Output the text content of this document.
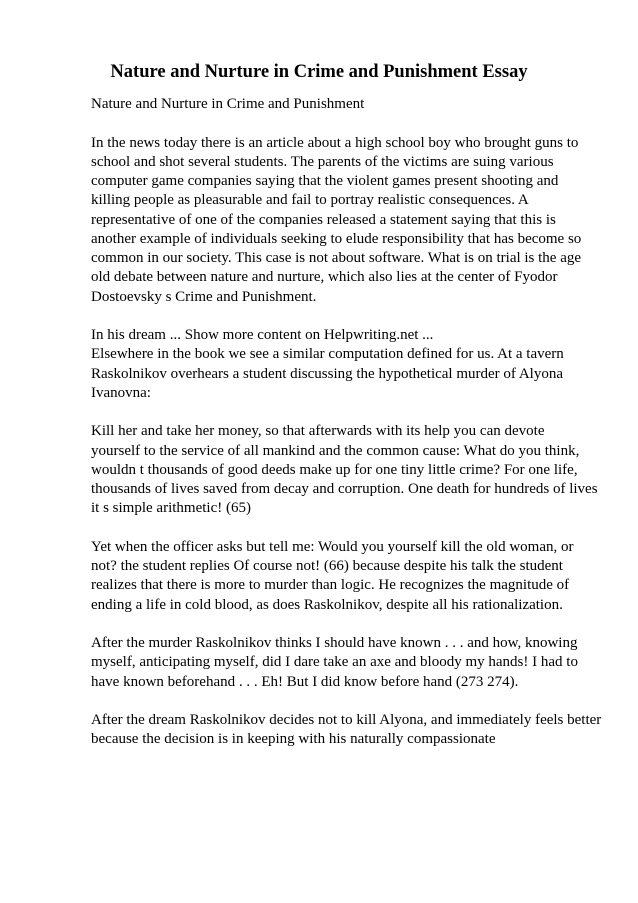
Nature and Nurture in Crime and Punishment Essay

Nature and Nurture in Crime and Punishment

In the news today there is an article about a high school boy who brought guns to
school and shot several students. The parents of the victims are suing various
computer game companies saying that the violent games present shooting and
killing people as pleasurable and fail to portray realistic consequences. A
representative of one of the companies released a statement saying that this is
another example of individuals seeking to elude responsibility that has become so
common in our society. This case is not about software. What is on trial is the age
old debate between nature and nurture, which also lies at the center of Fyodor
Dostoevsky s Crime and Punishment.

In his dream ... Show more content on Helpwriting.net ...
Elsewhere in the book we see a similar computation defined for us. At a tavern
Raskolnikov overhears a student discussing the hypothetical murder of Alyona
Ivanovna:

Kill her and take her money, so that afterwards with its help you can devote
yourself to the service of all mankind and the common cause: What do you think,
wouldn t thousands of good deeds make up for one tiny little crime? For one life,
thousands of lives saved from decay and corruption. One death for hundreds of lives
it s simple arithmetic! (65)

Yet when the officer asks but tell me: Would you yourself kill the old woman, or
not? the student replies Of course not! (66) because despite his talk the student
realizes that there is more to murder than logic. He recognizes the magnitude of
ending a life in cold blood, as does Raskolnikov, despite all his rationalization.

After the murder Raskolnikov thinks I should have known . . . and how, knowing
myself, anticipating myself, did I dare take an axe and bloody my hands! I had to
have known beforehand . . . Eh! But I did know before hand (273 274).

After the dream Raskolnikov decides not to kill Alyona, and immediately feels better
because the decision is in keeping with his naturally compassionate
